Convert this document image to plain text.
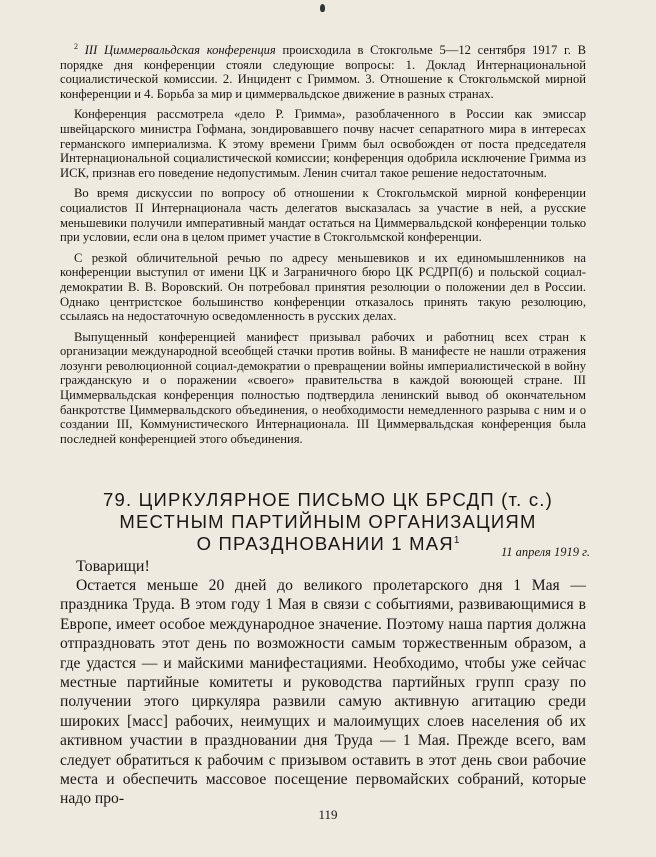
$^2$ III Циммервальдская конференция происходила в Стокгольме 5—12 сентября 1917 г. В порядке дня конференции стояли следующие вопросы: 1. Доклад Интернациональной социалистической комиссии. 2. Инцидент с Гриммом. 3. Отношение к Стокгольмской мирной конференции и 4. Борьба за мир и циммервальдское движение в разных странах.

Конференция рассмотрела «дело Р. Гримма», разоблаченного в России как эмиссар швейцарского министра Гофмана, зондировавшего почву насчет сепаратного мира в интересах германского империализма. К этому времени Гримм был освобожден от поста председателя Интернациональной социалистической комиссии; конференция одобрила исключение Гримма из ИСК, признав его поведение недопустимым. Ленин считал такое решение недостаточным.

Во время дискуссии по вопросу об отношении к Стокгольмской мирной конференции социалистов II Интернационала часть делегатов высказалась за участие в ней, а русские меньшевики получили императивный мандат остаться на Циммервальдской конференции только при условии, если она в целом примет участие в Стокгольмской конференции.

С резкой обличительной речью по адресу меньшевиков и их единомышленников на конференции выступил от имени ЦК и Заграничного бюро ЦК РСДРП(б) и польской социал-демократии В. В. Воровский. Он потребовал принятия резолюции о положении дел в России. Однако центристское большинство конференции отказалось принять такую резолюцию, ссылаясь на недостаточную осведомленность в русских делах.

Выпущенный конференцией манифест призывал рабочих и работниц всех стран к организации международной всеобщей стачки против войны. В манифесте не нашли отражения лозунги революционной социал-демократии о превращении войны империалистической в войну гражданскую и о поражении «своего» правительства в каждой воюющей стране. III Циммервальдская конференция полностью подтвердила ленинский вывод об окончательном банкротстве Циммервальдского объединения, о необходимости немедленного разрыва с ним и о создании III, Коммунистического Интернационала. III Циммервальдская конференция была последней конференцией этого объединения.

79. ЦИРКУЛЯРНОЕ ПИСЬМО ЦК БРСДП (т. с.)
МЕСТНЫМ ПАРТИЙНЫМ ОРГАНИЗАЦИЯМ
О ПРАЗДНОВАНИИ 1 МАЯ$^1$
11 апреля 1919 г.
Товарищи!

Остается меньше 20 дней до великого пролетарского дня 1 Мая — праздника Труда. В этом году 1 Мая в связи с событиями, развивающимися в Европе, имеет особое международное значение. Поэтому наша партия должна отпраздновать этот день по возможности самым торжественным образом, а где удастся — и майскими манифестациями. Необходимо, чтобы уже сейчас местные партийные комитеты и руководства партийных групп сразу по получении этого циркуляра развили самую активную агитацию среди широких [масс] рабочих, неимущих и малоимущих слоев населения об их активном участии в праздновании дня Труда — 1 Мая. Прежде всего, вам следует обратиться к рабочим с призывом оставить в этот день свои рабочие места и обеспечить массовое посещение первомайских собраний, которые надо про-

119
